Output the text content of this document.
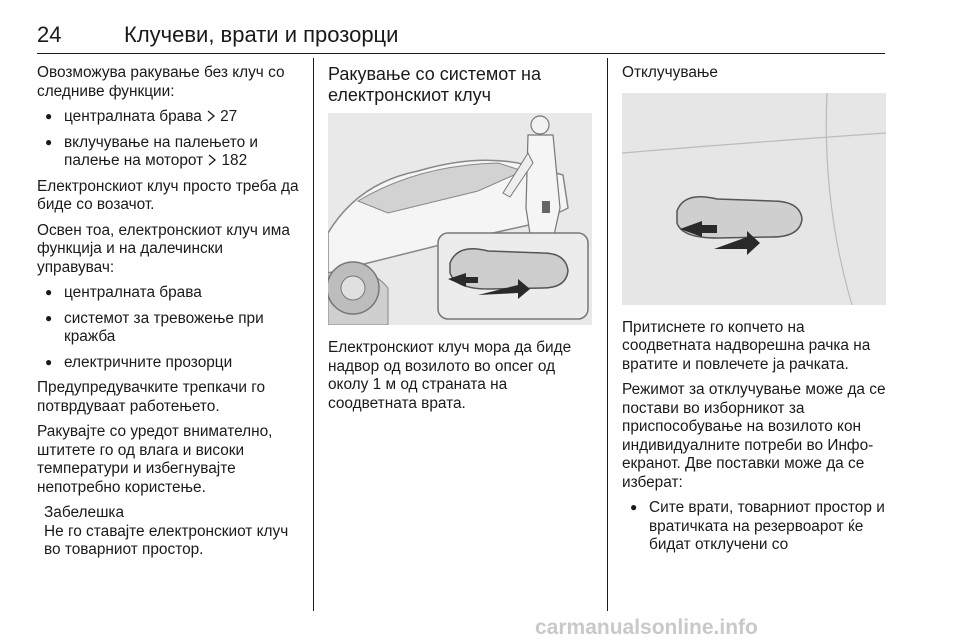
24	Клучеви, врати и прозорци

Овозможува ракување без клуч со следниве функции:

● централната брава 27
● вклучување на палењето и палење на моторот 182

Електронскиот клуч просто треба да биде со возачот.

Освен тоа, електронскиот клуч има функција и на далечински управувач:

● централната брава
● системот за тревожење при кражба
● електричните прозорци

Предупредувачките трепкачи го потврдуваат работењето.

Ракувајте со уредот внимателно, штитете го од влага и високи температури и избегнувајте непотребно користење.

Забелешка
Не го ставајте електронскиот клуч во товарниот простор.
Ракување со системот на електронскиот клуч

Електронскиот клуч мора да биде надвор од возилото во опсег од околу 1 м од страната на соодветната врата.

Отклучување

Притиснете го копчето на соодветната надворешна рачка на вратите и повлечете ја рачката.

Режимот за отклучување може да се постави во изборникот за приспособување на возилото кон индивидуалните потреби во Инфо-екранот. Две поставки може да се изберат:

● Сите врати, товарниот простор и вратичката на резервоарот ќе бидат отклучени со
carmanualsonline.info
